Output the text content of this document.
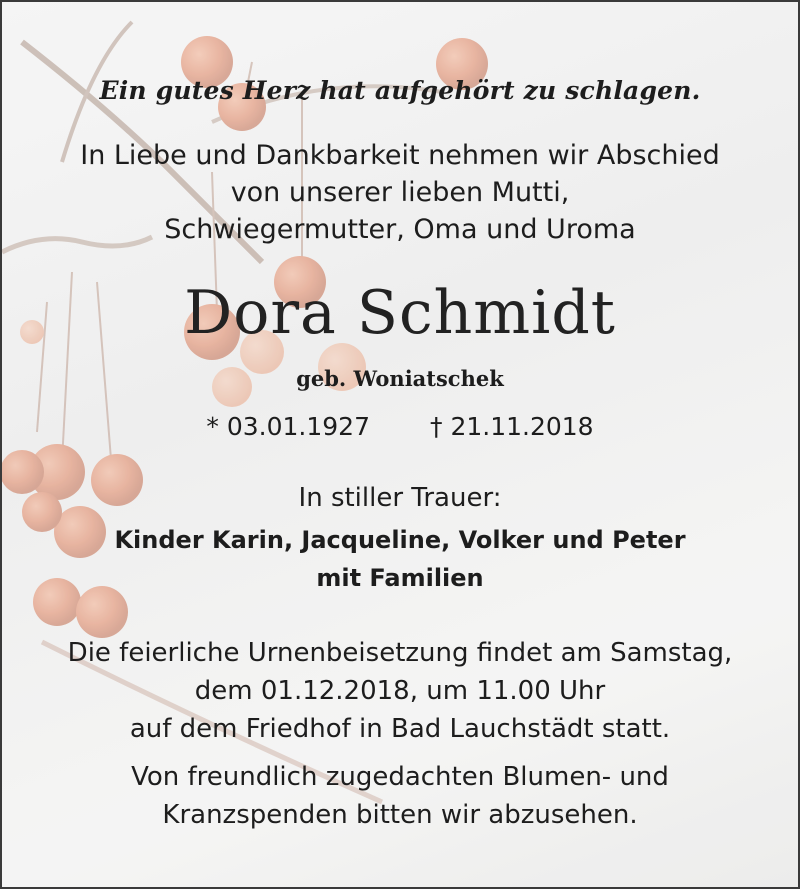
Ein gutes Herz hat aufgehört zu schlagen.
In Liebe und Dankbarkeit nehmen wir Abschied
von unserer lieben Mutti,
Schwiegermutter, Oma und Uroma
Dora Schmidt
geb. Woniatschek
* 03.01.1927 † 21.11.2018
In stiller Trauer:
Kinder Karin, Jacqueline, Volker und Peter
mit Familien
Die feierliche Urnenbeisetzung findet am Samstag,
dem 01.12.2018, um 11.00 Uhr
auf dem Friedhof in Bad Lauchstädt statt.
Von freundlich zugedachten Blumen- und
Kranzspenden bitten wir abzusehen.
